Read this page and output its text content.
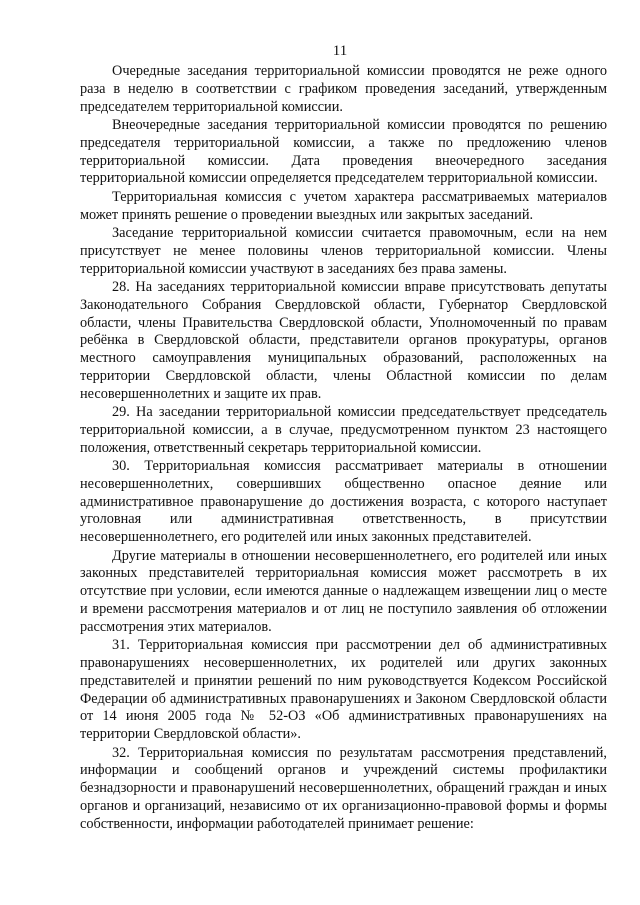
11

Очередные заседания территориальной комиссии проводятся не реже одного раза в неделю в соответствии с графиком проведения заседаний, утвержденным председателем территориальной комиссии.

Внеочередные заседания территориальной комиссии проводятся по решению председателя территориальной комиссии, а также по предложению членов территориальной комиссии. Дата проведения внеочередного заседания территориальной комиссии определяется председателем территориальной комиссии.

Территориальная комиссия с учетом характера рассматриваемых материалов может принять решение о проведении выездных или закрытых заседаний.

Заседание территориальной комиссии считается правомочным, если на нем присутствует не менее половины членов территориальной комиссии. Члены территориальной комиссии участвуют в заседаниях без права замены.

28. На заседаниях территориальной комиссии вправе присутствовать депутаты Законодательного Собрания Свердловской области, Губернатор Свердловской области, члены Правительства Свердловской области, Уполномоченный по правам ребёнка в Свердловской области, представители органов прокуратуры, органов местного самоуправления муниципальных образований, расположенных на территории Свердловской области, члены Областной комиссии по делам несовершеннолетних и защите их прав.

29. На заседании территориальной комиссии председательствует председатель территориальной комиссии, а в случае, предусмотренном пунктом 23 настоящего положения, ответственный секретарь территориальной комиссии.

30. Территориальная комиссия рассматривает материалы в отношении несовершеннолетних, совершивших общественно опасное деяние или административное правонарушение до достижения возраста, с которого наступает уголовная или административная ответственность, в присутствии несовершеннолетнего, его родителей или иных законных представителей.

Другие материалы в отношении несовершеннолетнего, его родителей или иных законных представителей территориальная комиссия может рассмотреть в их отсутствие при условии, если имеются данные о надлежащем извещении лиц о месте и времени рассмотрения материалов и от лиц не поступило заявления об отложении рассмотрения этих материалов.

31. Территориальная комиссия при рассмотрении дел об административных правонарушениях несовершеннолетних, их родителей или других законных представителей и принятии решений по ним руководствуется Кодексом Российской Федерации об административных правонарушениях и Законом Свердловской области от 14 июня 2005 года № 52-ОЗ «Об административных правонарушениях на территории Свердловской области».

32. Территориальная комиссия по результатам рассмотрения представлений, информации и сообщений органов и учреждений системы профилактики безнадзорности и правонарушений несовершеннолетних, обращений граждан и иных органов и организаций, независимо от их организационно-правовой формы и формы собственности, информации работодателей принимает решение:
